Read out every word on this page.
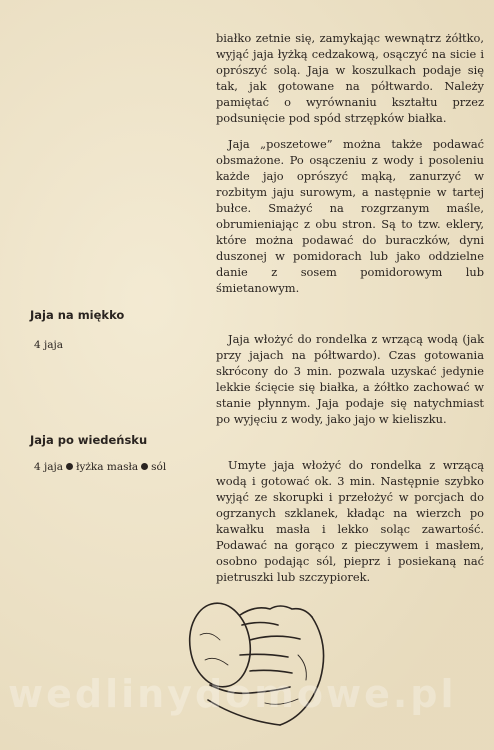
białko zetnie się, zamykając wewnątrz żółtko, wyjąć jaja łyżką cedzakową, osączyć na sicie i oprószyć solą. Jaja w koszulkach podaje się tak, jak gotowane na półtwardo. Należy pamiętać o wyrównaniu kształtu przez podsunięcie pod spód strzępków białka.

Jaja „poszetowe” można także podawać obsmażone. Po osączeniu z wody i posoleniu każde jajo oprószyć mąką, zanurzyć w rozbitym jaju surowym, a następnie w tartej bułce. Smażyć na rozgrzanym maśle, obrumieniając z obu stron. Są to tzw. eklery, które można podawać do buraczków, dyni duszonej w pomidorach lub jako oddzielne danie z sosem pomidorowym lub śmietanowym.

Jaja na miękko
4 jaja	Jaja włożyć do rondelka z wrzącą wodą (jak przy jajach na półtwardo). Czas gotowania skrócony do 3 min. pozwala uzyskać jedynie lekkie ścięcie się białka, a żółtko zachować w stanie płynnym. Jaja podaje się natychmiast po wyjęciu z wody, jako jajo w kieliszku.

Jaja po wiedeńsku
4 jaja łyżka masła sól	Umyte jaja włożyć do rondelka z wrzącą wodą i gotować ok. 3 min. Następnie szybko wyjąć ze skorupki i przełożyć w porcjach do ogrzanych szklanek, kładąc na wierzch po kawałku masła i lekko soląc zawartość. Podawać na gorąco z pieczywem i masłem, osobno podając sól, pieprz i posiekaną nać pietruszki lub szczypiorek.

wedlinydomowe.pl
